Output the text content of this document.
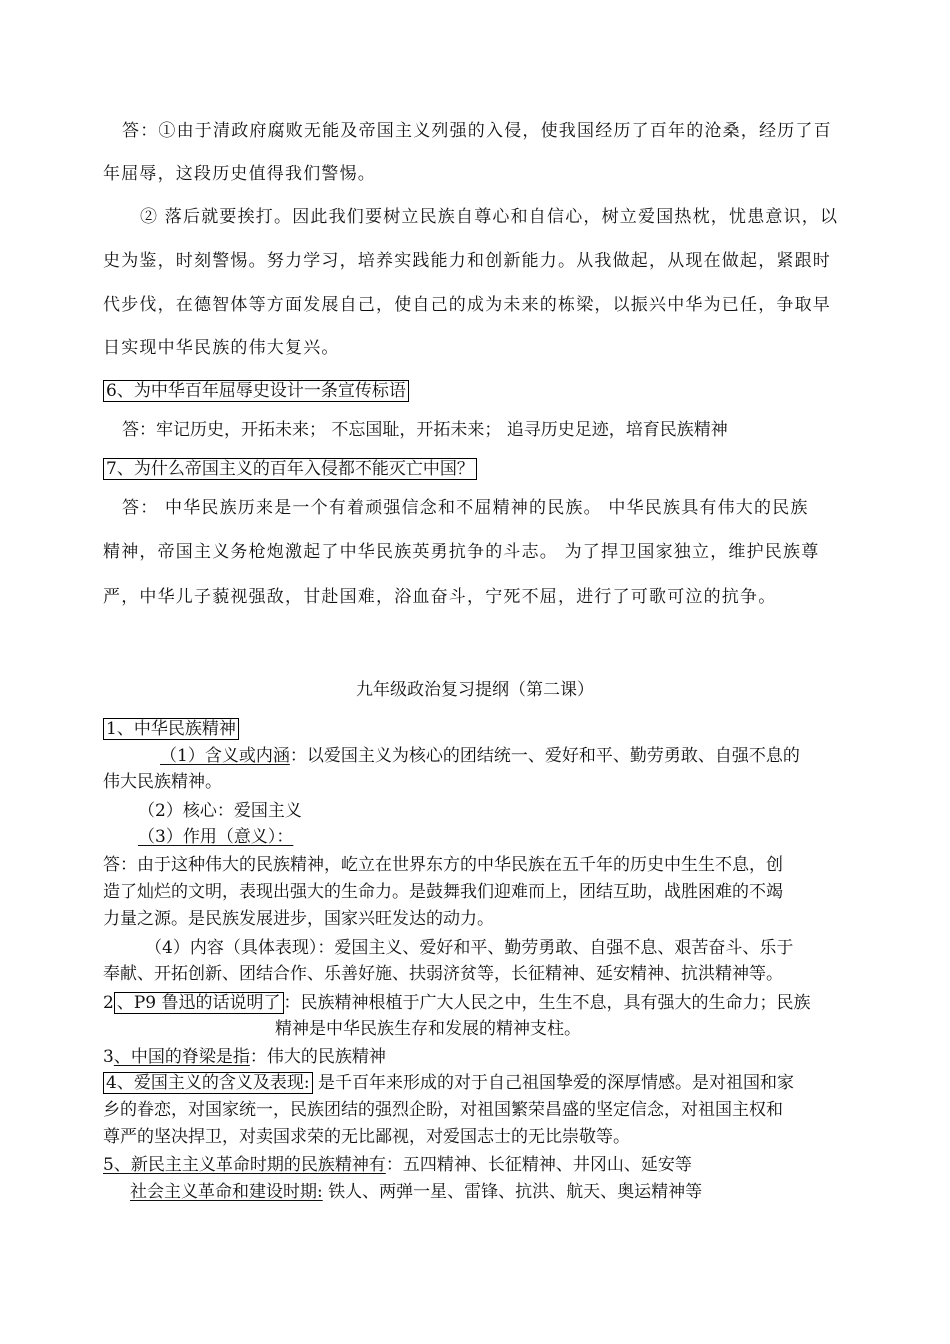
答：①由于清政府腐败无能及帝国主义列强的入侵，使我国经历了百年的沧桑，经历了百
年屈辱，这段历史值得我们警惕。
② 落后就要挨打。因此我们要树立民族自尊心和自信心，树立爱国热枕，忧患意识，以
史为鉴，时刻警惕。努力学习，培养实践能力和创新能力。从我做起，从现在做起，紧跟时
代步伐，在德智体等方面发展自己，使自己的成为未来的栋梁，以振兴中华为已任，争取早
日实现中华民族的伟大复兴。
6、为中华百年屈辱史设计一条宣传标语
答：牢记历史，开拓未来； 不忘国耻，开拓未来； 追寻历史足迹，培育民族精神
7、为什么帝国主义的百年入侵都不能灭亡中国？
答： 中华民族历来是一个有着顽强信念和不屈精神的民族。 中华民族具有伟大的民族
精神，帝国主义务枪炮激起了中华民族英勇抗争的斗志。 为了捍卫国家独立，维护民族尊
严，中华儿子藐视强敌，甘赴国难，浴血奋斗，宁死不屈，进行了可歌可泣的抗争。
九年级政治复习提纲（第二课）
1、中华民族精神
（1）含义或内涵：以爱国主义为核心的团结统一、爱好和平、勤劳勇敢、自强不息的
伟大民族精神。
（2）核心：爱国主义
（3）作用（意义）：
答：由于这种伟大的民族精神，屹立在世界东方的中华民族在五千年的历史中生生不息，创
造了灿烂的文明，表现出强大的生命力。是鼓舞我们迎难而上，团结互助，战胜困难的不竭
力量之源。是民族发展进步，国家兴旺发达的动力。
（4）内容（具体表现）：爱国主义、爱好和平、勤劳勇敢、自强不息、艰苦奋斗、乐于
奉献、开拓创新、团结合作、乐善好施、扶弱济贫等，长征精神、延安精神、抗洪精神等。
2 、P9 鲁迅的话说明了 ：民族精神根植于广大人民之中，生生不息，具有强大的生命力；民族
精神是中华民族生存和发展的精神支柱。
3、中国的脊梁是指：伟大的民族精神
4、爱国主义的含义及表现: 是千百年来形成的对于自己祖国挚爱的深厚情感。是对祖国和家
乡的眷恋，对国家统一，民族团结的强烈企盼，对祖国繁荣昌盛的坚定信念，对祖国主权和
尊严的坚决捍卫，对卖国求荣的无比鄙视，对爱国志士的无比崇敬等。
5、新民主主义革命时期的民族精神有：五四精神、长征精神、井冈山、延安等
社会主义革命和建设时期: 铁人、两弹一星、雷锋、抗洪、航天、奥运精神等
